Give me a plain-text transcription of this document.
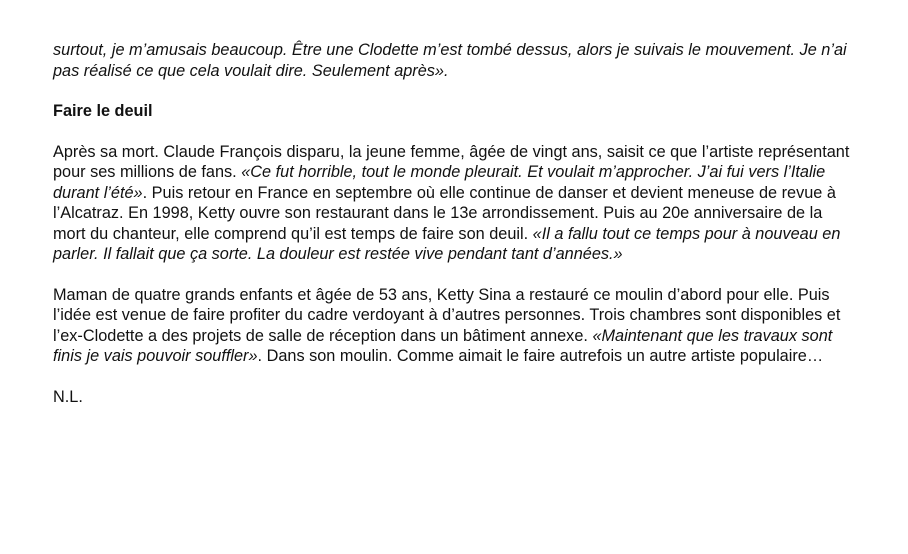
surtout, je m’amusais beaucoup. Être une Clodette m’est tombé dessus, alors je suivais le mouvement. Je n’ai pas réalisé ce que cela voulait dire. Seulement après».

Faire le deuil

Après sa mort. Claude François disparu, la jeune femme, âgée de vingt ans, saisit ce que l’artiste représentant pour ses millions de fans. «Ce fut horrible, tout le monde pleurait. Et voulait m’approcher. J’ai fui vers l’Italie durant l’été». Puis retour en France en septembre où elle continue de danser et devient meneuse de revue à l’Alcatraz. En 1998, Ketty ouvre son restaurant dans le 13e arrondissement. Puis au 20e anniversaire de la mort du chanteur, elle comprend qu’il est temps de faire son deuil. «Il a fallu tout ce temps pour à nouveau en parler. Il fallait que ça sorte. La douleur est restée vive pendant tant d’années.»

Maman de quatre grands enfants et âgée de 53 ans, Ketty Sina a restauré ce moulin d’abord pour elle. Puis l’idée est venue de faire profiter du cadre verdoyant à d’autres personnes. Trois chambres sont disponibles et l’ex-Clodette a des projets de salle de réception dans un bâtiment annexe. «Maintenant que les travaux sont finis je vais pouvoir souffler». Dans son moulin. Comme aimait le faire autrefois un autre artiste populaire…

N.L.
